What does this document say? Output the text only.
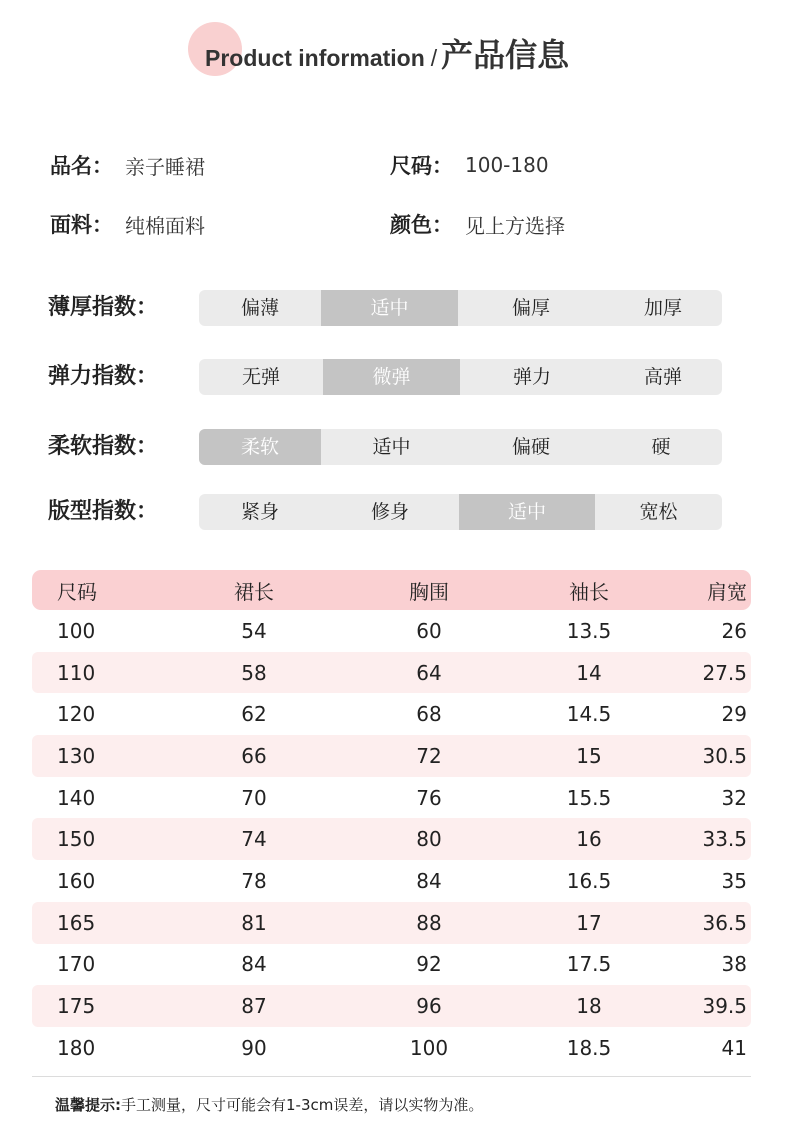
Product information / 产品信息
品名 ： 亲子睡裙	尺码 ： 100-180
面料 ： 纯棉面料	颜色 ： 见上方选择
薄厚指数：	偏薄	适中	偏厚	加厚
弹力指数：	无弹	微弹	弹力	高弹
柔软指数：	柔软	适中	偏硬	硬
版型指数：	紧身	修身	适中	宽松
尺码	裙长	胸围	袖长	肩宽
100	54	60	13.5	26
110	58	64	14	27.5
120	62	68	14.5	29
130	66	72	15	30.5
140	70	76	15.5	32
150	74	80	16	33.5
160	78	84	16.5	35
165	81	88	17	36.5
170	84	92	17.5	38
175	87	96	18	39.5
180	90	100	18.5	41
温馨提示:手工测量，尺寸可能会有1-3cm误差，请以实物为准。
